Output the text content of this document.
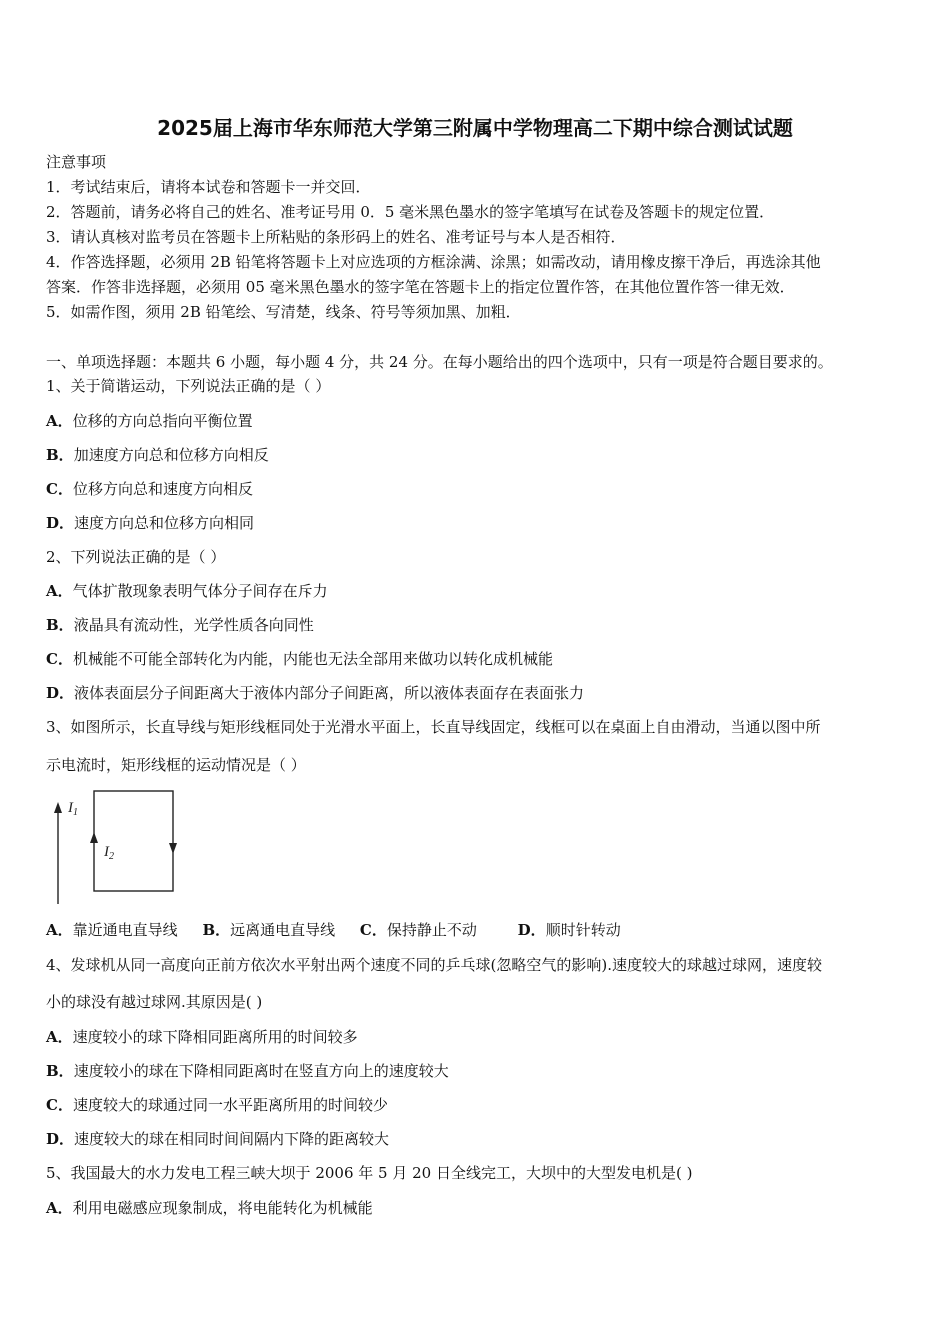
2025届上海市华东师范大学第三附属中学物理高二下期中综合测试试题
注意事项
1．考试结束后，请将本试卷和答题卡一并交回．
2．答题前，请务必将自己的姓名、准考证号用 0．5 毫米黑色墨水的签字笔填写在试卷及答题卡的规定位置．
3．请认真核对监考员在答题卡上所粘贴的条形码上的姓名、准考证号与本人是否相符．
4．作答选择题，必须用 2B 铅笔将答题卡上对应选项的方框涂满、涂黑；如需改动，请用橡皮擦干净后，再选涂其他
答案．作答非选择题，必须用 05 毫米黑色墨水的签字笔在答题卡上的指定位置作答，在其他位置作答一律无效．
5．如需作图，须用 2B 铅笔绘、写清楚，线条、符号等须加黑、加粗．
一、单项选择题：本题共 6 小题，每小题 4 分，共 24 分。在每小题给出的四个选项中，只有一项是符合题目要求的。
1、关于简谐运动，下列说法正确的是（ ）
A．位移的方向总指向平衡位置
B．加速度方向总和位移方向相反
C．位移方向总和速度方向相反
D．速度方向总和位移方向相同
2、下列说法正确的是（ ）
A．气体扩散现象表明气体分子间存在斥力
B．液晶具有流动性，光学性质各向同性
C．机械能不可能全部转化为内能，内能也无法全部用来做功以转化成机械能
D．液体表面层分子间距离大于液体内部分子间距离，所以液体表面存在表面张力
3、如图所示，长直导线与矩形线框同处于光滑水平面上，长直导线固定，线框可以在桌面上自由滑动，当通以图中所
示电流时，矩形线框的运动情况是（ ）
$I_1$
$I_2$
A．靠近通电直导线 B．远离通电直导线 C．保持静止不动	D．顺时针转动
4、发球机从同一高度向正前方依次水平射出两个速度不同的乒乓球(忽略空气的影响).速度较大的球越过球网，速度较
小的球没有越过球网.其原因是( )
A．速度较小的球下降相同距离所用的时间较多
B．速度较小的球在下降相同距离时在竖直方向上的速度较大
C．速度较大的球通过同一水平距离所用的时间较少
D．速度较大的球在相同时间间隔内下降的距离较大
5、我国最大的水力发电工程三峡大坝于 2006 年 5 月 20 日全线完工，大坝中的大型发电机是( )
A．利用电磁感应现象制成，将电能转化为机械能
